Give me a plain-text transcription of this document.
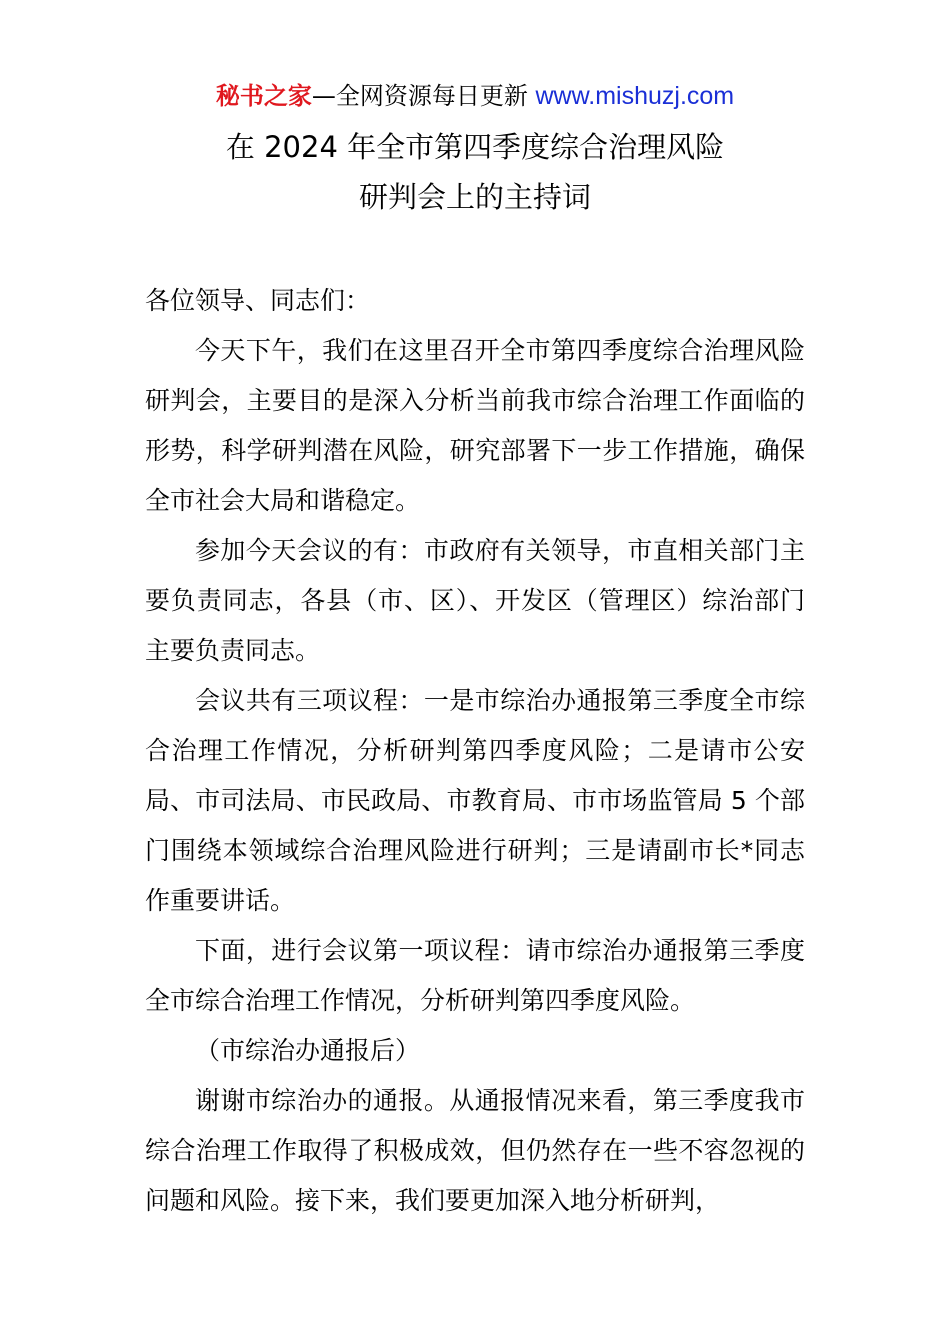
秘书之家—全网资源每日更新 www.mishuzj.com
在 2024 年全市第四季度综合治理风险
研判会上的主持词

各位领导、同志们：

今天下午，我们在这里召开全市第四季度综合治理风险研判会，主要目的是深入分析当前我市综合治理工作面临的形势，科学研判潜在风险，研究部署下一步工作措施，确保全市社会大局和谐稳定。

参加今天会议的有：市政府有关领导，市直相关部门主要负责同志，各县（市、区）、开发区（管理区）综治部门主要负责同志。

会议共有三项议程：一是市综治办通报第三季度全市综合治理工作情况，分析研判第四季度风险；二是请市公安局、市司法局、市民政局、市教育局、市市场监管局 5 个部门围绕本领域综合治理风险进行研判；三是请副市长*同志作重要讲话。

下面，进行会议第一项议程：请市综治办通报第三季度全市综合治理工作情况，分析研判第四季度风险。

（市综治办通报后）

谢谢市综治办的通报。从通报情况来看，第三季度我市综合治理工作取得了积极成效，但仍然存在一些不容忽视的问题和风险。接下来，我们要更加深入地分析研判，
